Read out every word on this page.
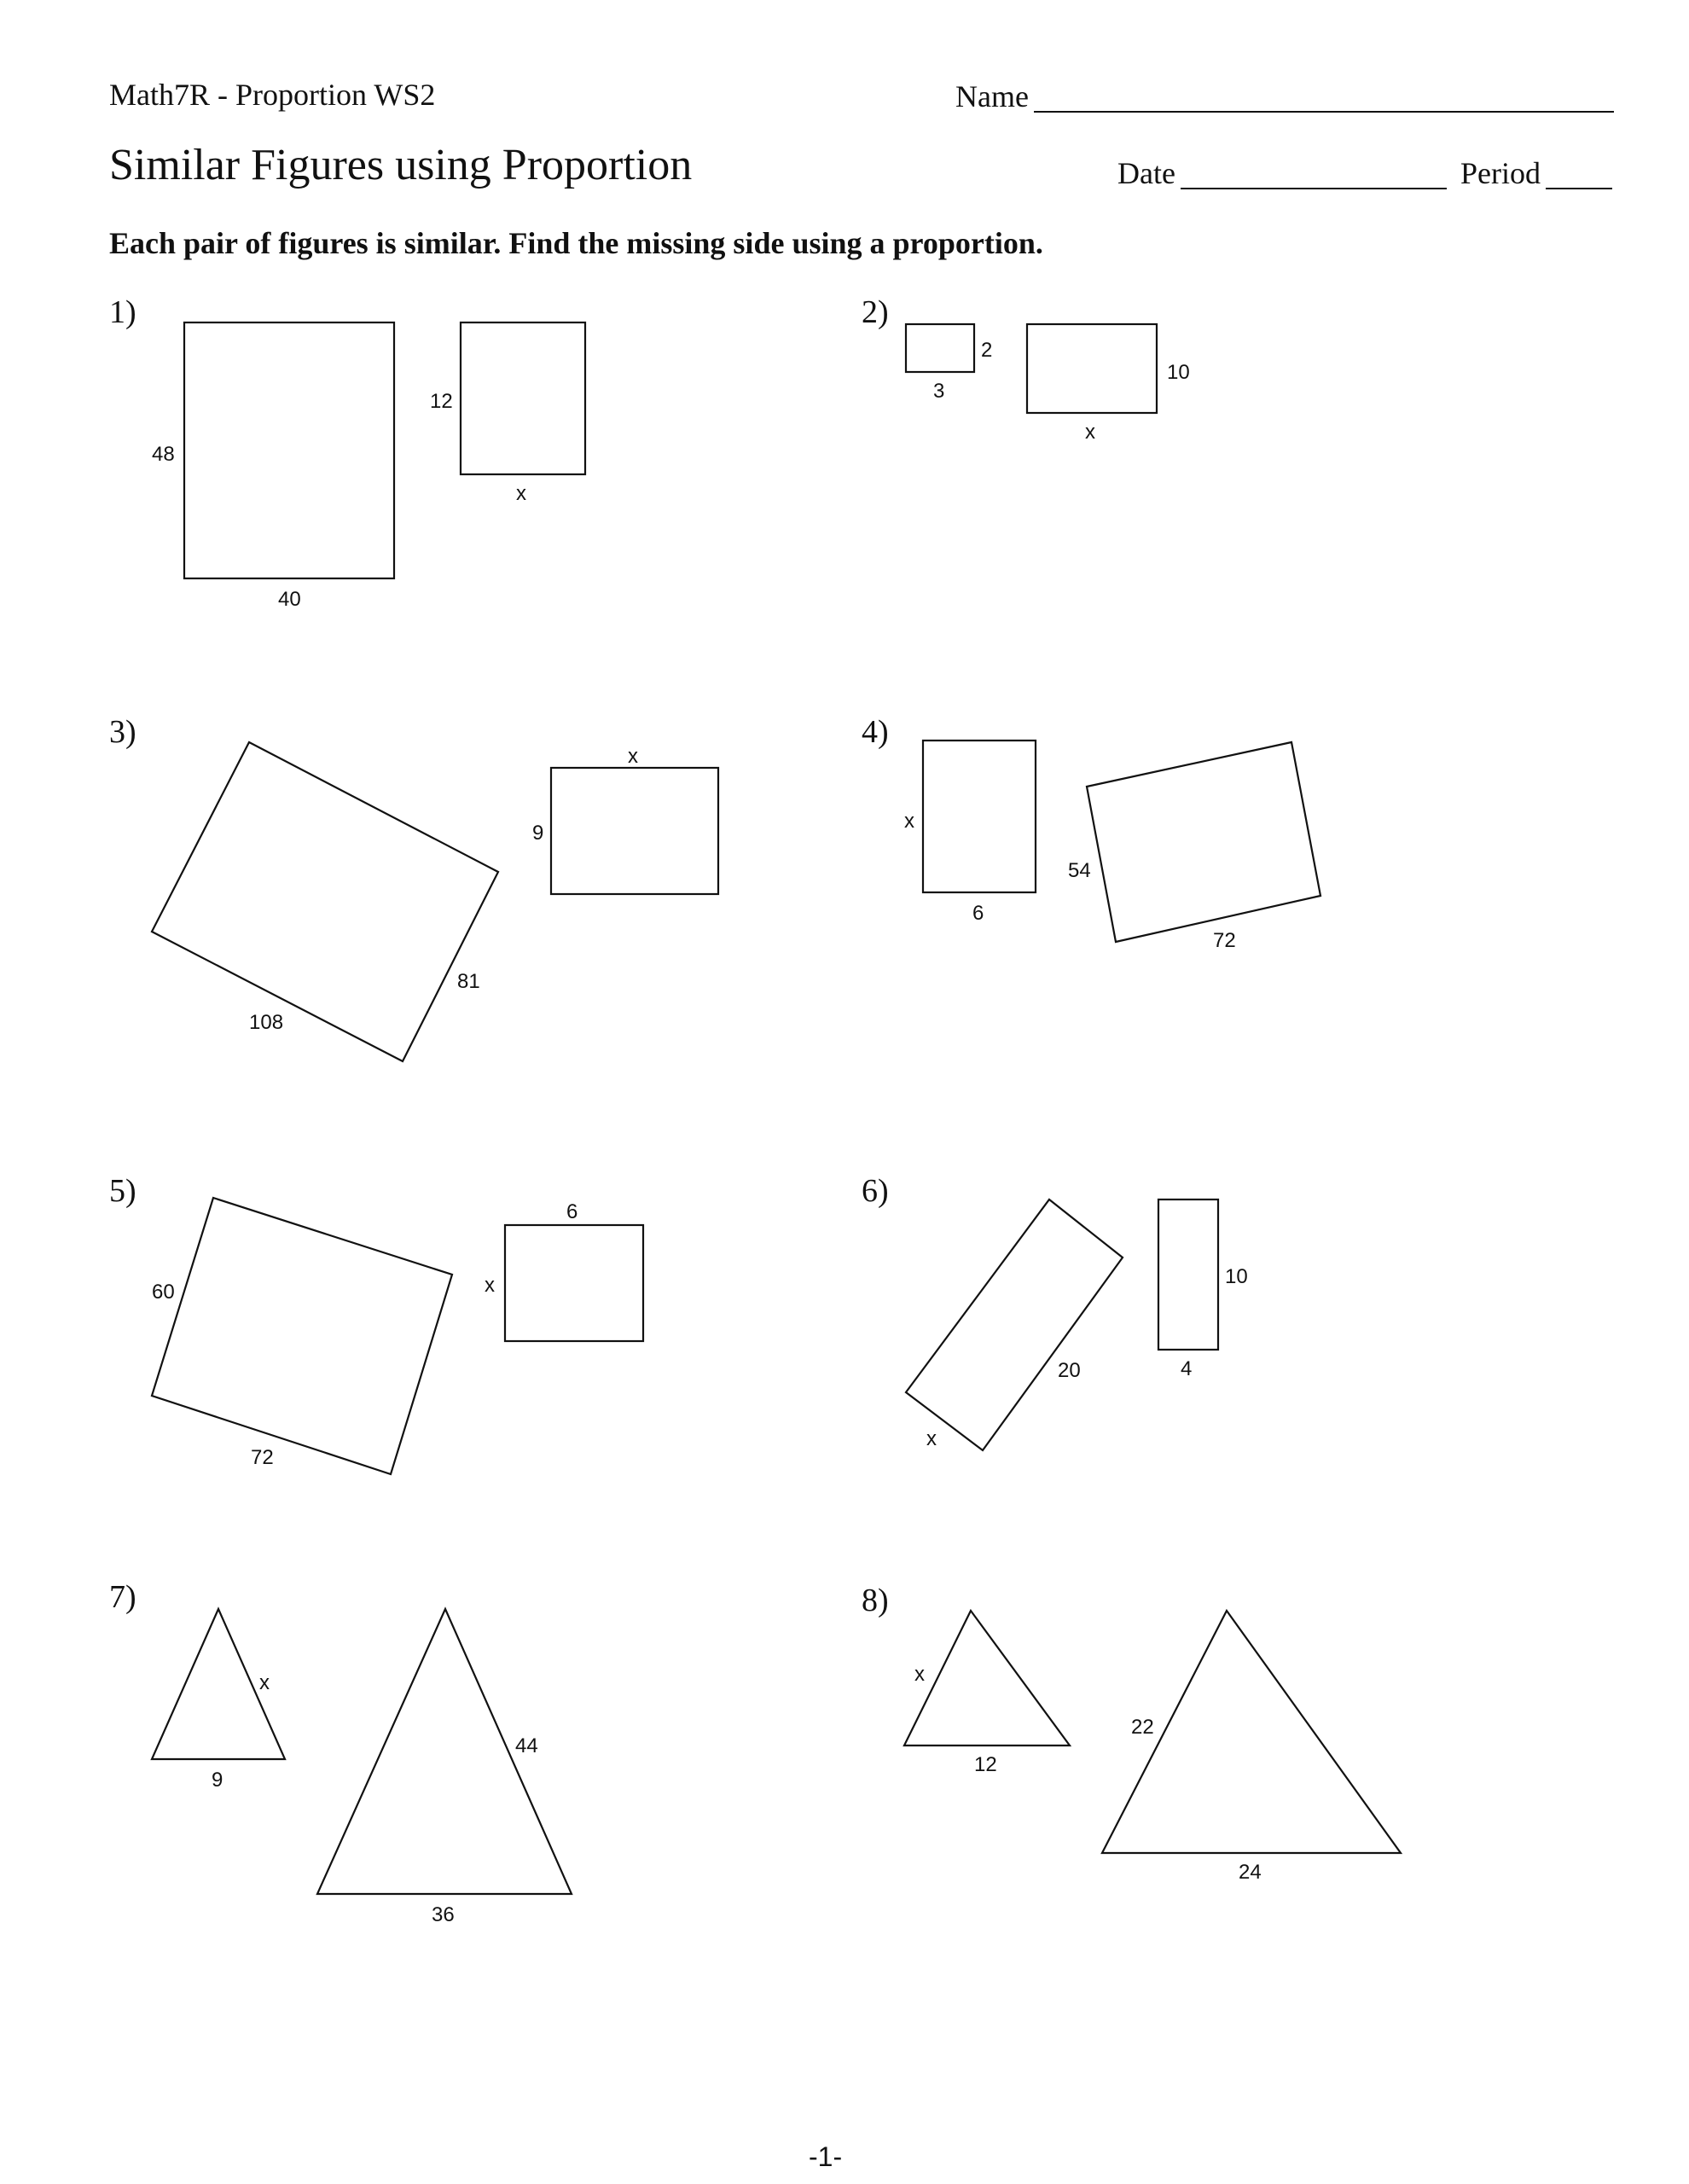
Math7R - Proportion WS2	Name
Similar Figures using Proportion	Date	Period
Each pair of figures is similar. Find the missing side using a proportion.
1)	2)
3)	4)
5)	6)
7)	8)
48
40
12
x
2
3
10
x
81
108
x
9
x
6
54
72
60
72
6
x
20
x
10
4
x
9
44
36
x
12
22
24
-1-
